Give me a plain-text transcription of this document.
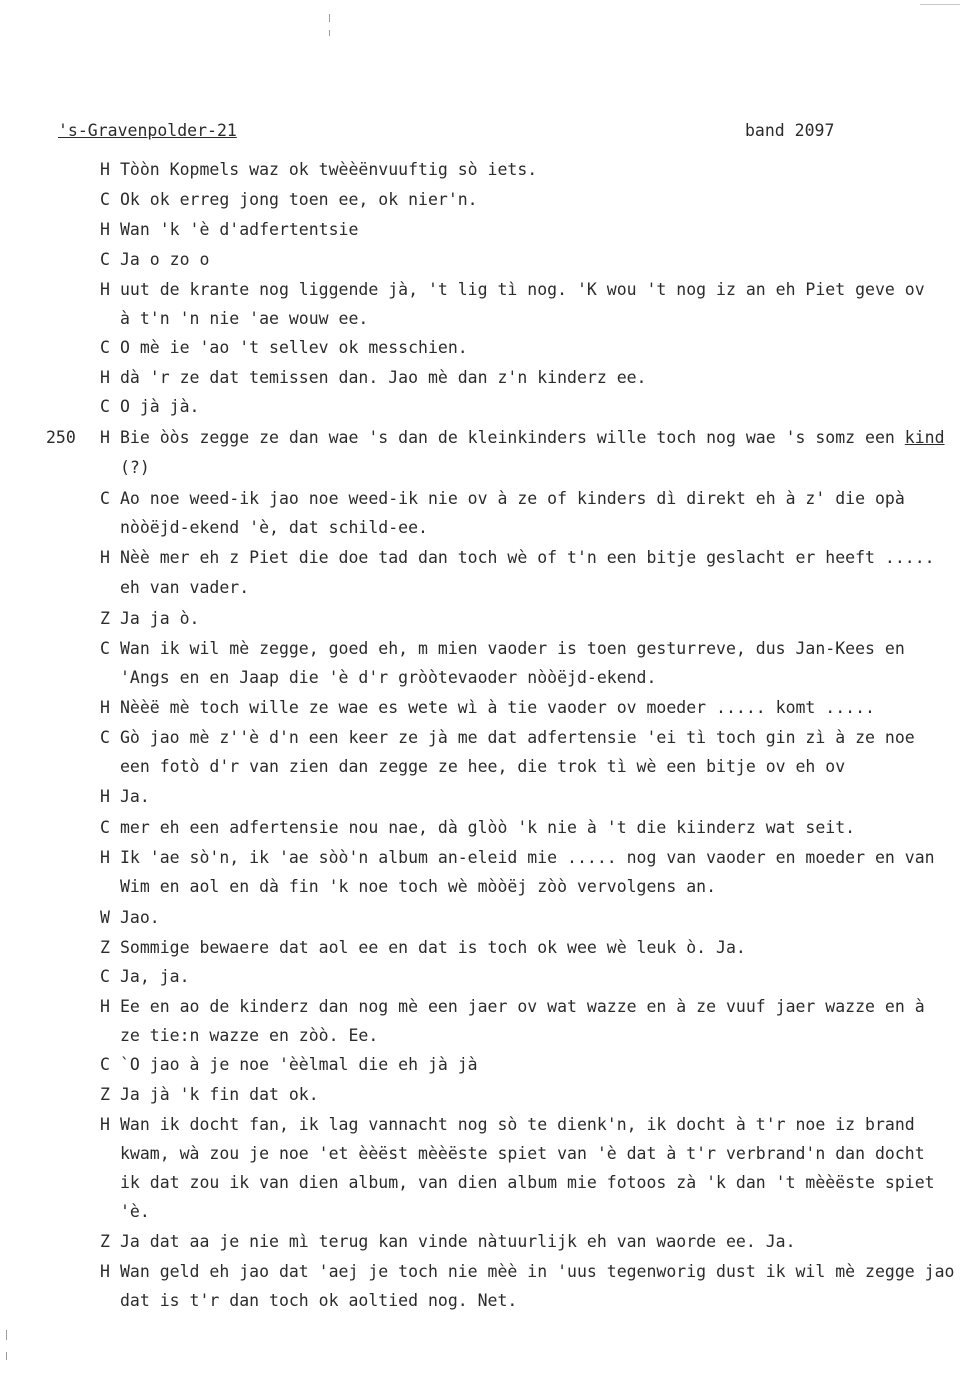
's-Gravenpolder-21	band 2097
H Tòòn Kopmels waz ok twèèënvuuftig sò iets.
C Ok ok erreg jong toen ee, ok nier'n.
H Wan 'k 'è d'adfertentsie
C Ja o zo o
H uut de krante nog liggende jà, 't lig tì nog. 'K wou 't nog iz an eh Piet geve ov
à t'n 'n nie 'ae wouw ee.
C O mè ie 'ao 't sellev ok messchien.
H dà 'r ze dat temissen dan. Jao mè dan z'n kinderz ee.
C O jà jà.
250 H Bie òòs zegge ze dan wae 's dan de kleinkinders wille toch nog wae 's somz een kind
(?)
C Ao noe weed-ik jao noe weed-ik nie ov à ze of kinders dì direkt eh à z' die opà
nòòëjd-ekend 'è, dat schild-ee.
H Nèè mer eh z Piet die doe tad dan toch wè of t'n een bitje geslacht er heeft .....
eh van vader.
Z Ja ja ò.
C Wan ik wil mè zegge, goed eh, m mien vaoder is toen gesturreve, dus Jan-Kees en
'Angs en en Jaap die 'è d'r gròòtevaoder nòòëjd-ekend.
H Nèèë mè toch wille ze wae es wete wì à tie vaoder ov moeder ..... komt .....
C Gò jao mè z''è d'n een keer ze jà me dat adfertensie 'ei tì toch gin zì à ze noe
een fotò d'r van zien dan zegge ze hee, die trok tì wè een bitje ov eh ov
H Ja.
C mer eh een adfertensie nou nae, dà glòò 'k nie à 't die kiinderz wat seit.
H Ik 'ae sò'n, ik 'ae sòò'n album an-eleid mie ..... nog van vaoder en moeder en van
Wim en aol en dà fin 'k noe toch wè mòòëj zòò vervolgens an.
W Jao.
Z Sommige bewaere dat aol ee en dat is toch ok wee wè leuk ò. Ja.
C Ja, ja.
H Ee en ao de kinderz dan nog mè een jaer ov wat wazze en à ze vuuf jaer wazze en à
ze tie:n wazze en zòò. Ee.
C `O jao à je noe 'èèlmal die eh jà jà
Z Ja jà 'k fin dat ok.
H Wan ik docht fan, ik lag vannacht nog sò te dienk'n, ik docht à t'r noe iz brand
kwam, wà zou je noe 'et èèëst mèèëste spiet van 'è dat à t'r verbrand'n dan docht
ik dat zou ik van dien album, van dien album mie fotoos zà 'k dan 't mèèëste spiet
'è.
Z Ja dat aa je nie mì terug kan vinde nàtuurlijk eh van waorde ee. Ja.
H Wan geld eh jao dat 'aej je toch nie mèè in 'uus tegenworig dust ik wil mè zegge jao
dat is t'r dan toch ok aoltied nog. Net.
